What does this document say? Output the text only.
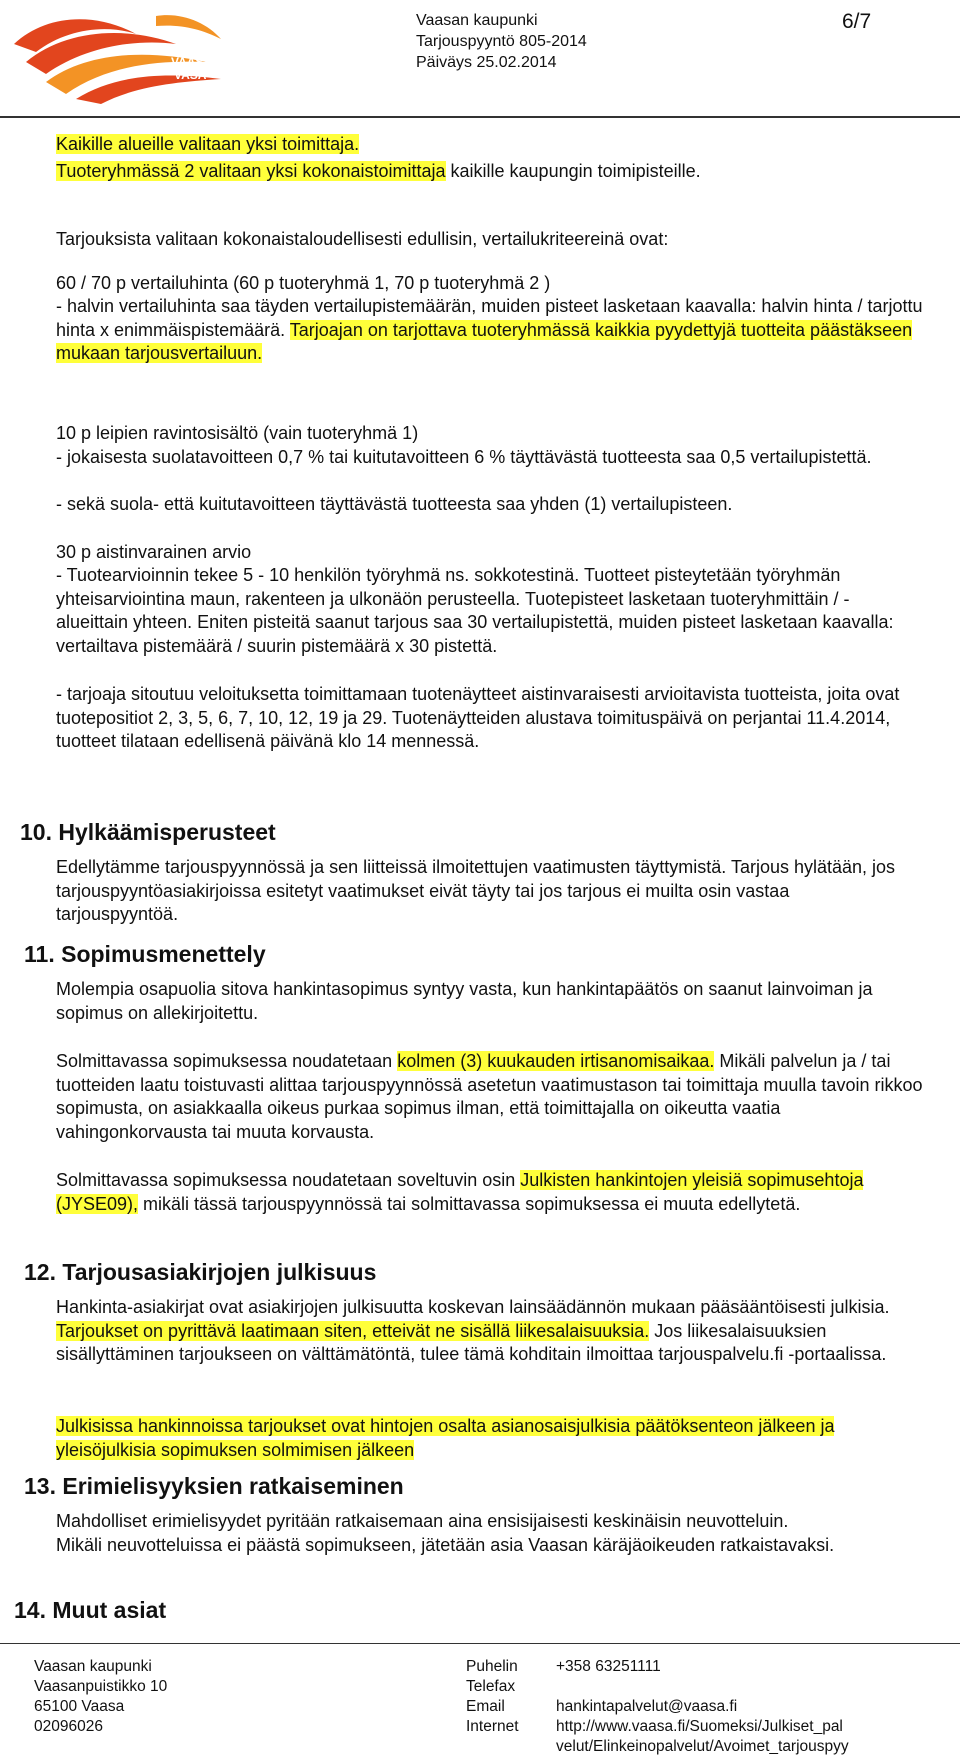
VAASA
VASA
Vaasan kaupunki
Tarjouspyyntö 805-2014
Päiväys 25.02.2014
6/7

Kaikille alueille valitaan yksi toimittaja.

Tuoteryhmässä 2 valitaan yksi kokonaistoimittaja kaikille kaupungin toimipisteille.

Tarjouksista valitaan kokonaistaloudellisesti edullisin, vertailukriteereinä ovat:

60 / 70 p vertailuhinta (60 p tuoteryhmä 1, 70 p tuoteryhmä 2 )

- halvin vertailuhinta saa täyden vertailupistemäärän, muiden pisteet lasketaan kaavalla: halvin hinta / tarjottu hinta x enimmäispistemäärä. Tarjoajan on tarjottava tuoteryhmässä kaikkia pyydettyjä tuotteita päästäkseen mukaan tarjousvertailuun.

10 p leipien ravintosisältö (vain tuoteryhmä 1)

- jokaisesta suolatavoitteen 0,7 % tai kuitutavoitteen 6 % täyttävästä tuotteesta saa 0,5 vertailupistettä.

- sekä suola- että kuitutavoitteen täyttävästä tuotteesta saa yhden (1) vertailupisteen.

30 p aistinvarainen arvio

- Tuotearvioinnin tekee 5 - 10 henkilön työryhmä ns. sokkotestinä. Tuotteet pisteytetään työryhmän yhteisarviointina maun, rakenteen ja ulkonäön perusteella. Tuotepisteet lasketaan tuoteryhmittäin / -alueittain yhteen. Eniten pisteitä saanut tarjous saa 30 vertailupistettä, muiden pisteet lasketaan kaavalla: vertailtava pistemäärä / suurin pistemäärä x 30 pistettä.

- tarjoaja sitoutuu veloituksetta toimittamaan tuotenäytteet aistinvaraisesti arvioitavista tuotteista, joita ovat tuotepositiot 2, 3, 5, 6, 7, 10, 12, 19 ja 29. Tuotenäytteiden alustava toimituspäivä on perjantai 11.4.2014, tuotteet tilataan edellisenä päivänä klo 14 mennessä.

10. Hylkäämisperusteet

Edellytämme tarjouspyynnössä ja sen liitteissä ilmoitettujen vaatimusten täyttymistä. Tarjous hylätään, jos tarjouspyyntöasiakirjoissa esitetyt vaatimukset eivät täyty tai jos tarjous ei muilta osin vastaa tarjouspyyntöä.

11. Sopimusmenettely

Molempia osapuolia sitova hankintasopimus syntyy vasta, kun hankintapäätös on saanut lainvoiman ja sopimus on allekirjoitettu.

Solmittavassa sopimuksessa noudatetaan kolmen (3) kuukauden irtisanomisaikaa. Mikäli palvelun ja / tai tuotteiden laatu toistuvasti alittaa tarjouspyynnössä asetetun vaatimustason tai toimittaja muulla tavoin rikkoo sopimusta, on asiakkaalla oikeus purkaa sopimus ilman, että toimittajalla on oikeutta vaatia vahingonkorvausta tai muuta korvausta.

Solmittavassa sopimuksessa noudatetaan soveltuvin osin Julkisten hankintojen yleisiä sopimusehtoja (JYSE09), mikäli tässä tarjouspyynnössä tai solmittavassa sopimuksessa ei muuta edellytetä.

12. Tarjousasiakirjojen julkisuus

Hankinta-asiakirjat ovat asiakirjojen julkisuutta koskevan lainsäädännön mukaan pääsääntöisesti julkisia. Tarjoukset on pyrittävä laatimaan siten, etteivät ne sisällä liikesalaisuuksia. Jos liikesalaisuuksien sisällyttäminen tarjoukseen on välttämätöntä, tulee tämä kohditain ilmoittaa tarjouspalvelu.fi -portaalissa.

Julkisissa hankinnoissa tarjoukset ovat hintojen osalta asianosaisjulkisia päätöksenteon jälkeen ja yleisöjulkisia sopimuksen solmimisen jälkeen

13. Erimielisyyksien ratkaiseminen

Mahdolliset erimielisyydet pyritään ratkaisemaan aina ensisijaisesti keskinäisin neuvotteluin. Mikäli neuvotteluissa ei päästä sopimukseen, jätetään asia Vaasan käräjäoikeuden ratkaistavaksi.

14. Muut asiat
Vaasan kaupunki
Vaasanpuistikko 10
65100 Vaasa
02096026
Puhelin
Telefax
Email
Internet
+358 63251111
hankintapalvelut@vaasa.fi
http://www.vaasa.fi/Suomeksi/Julkiset_pal
velut/Elinkeinopalvelut/Avoimet_tarjouspyy
